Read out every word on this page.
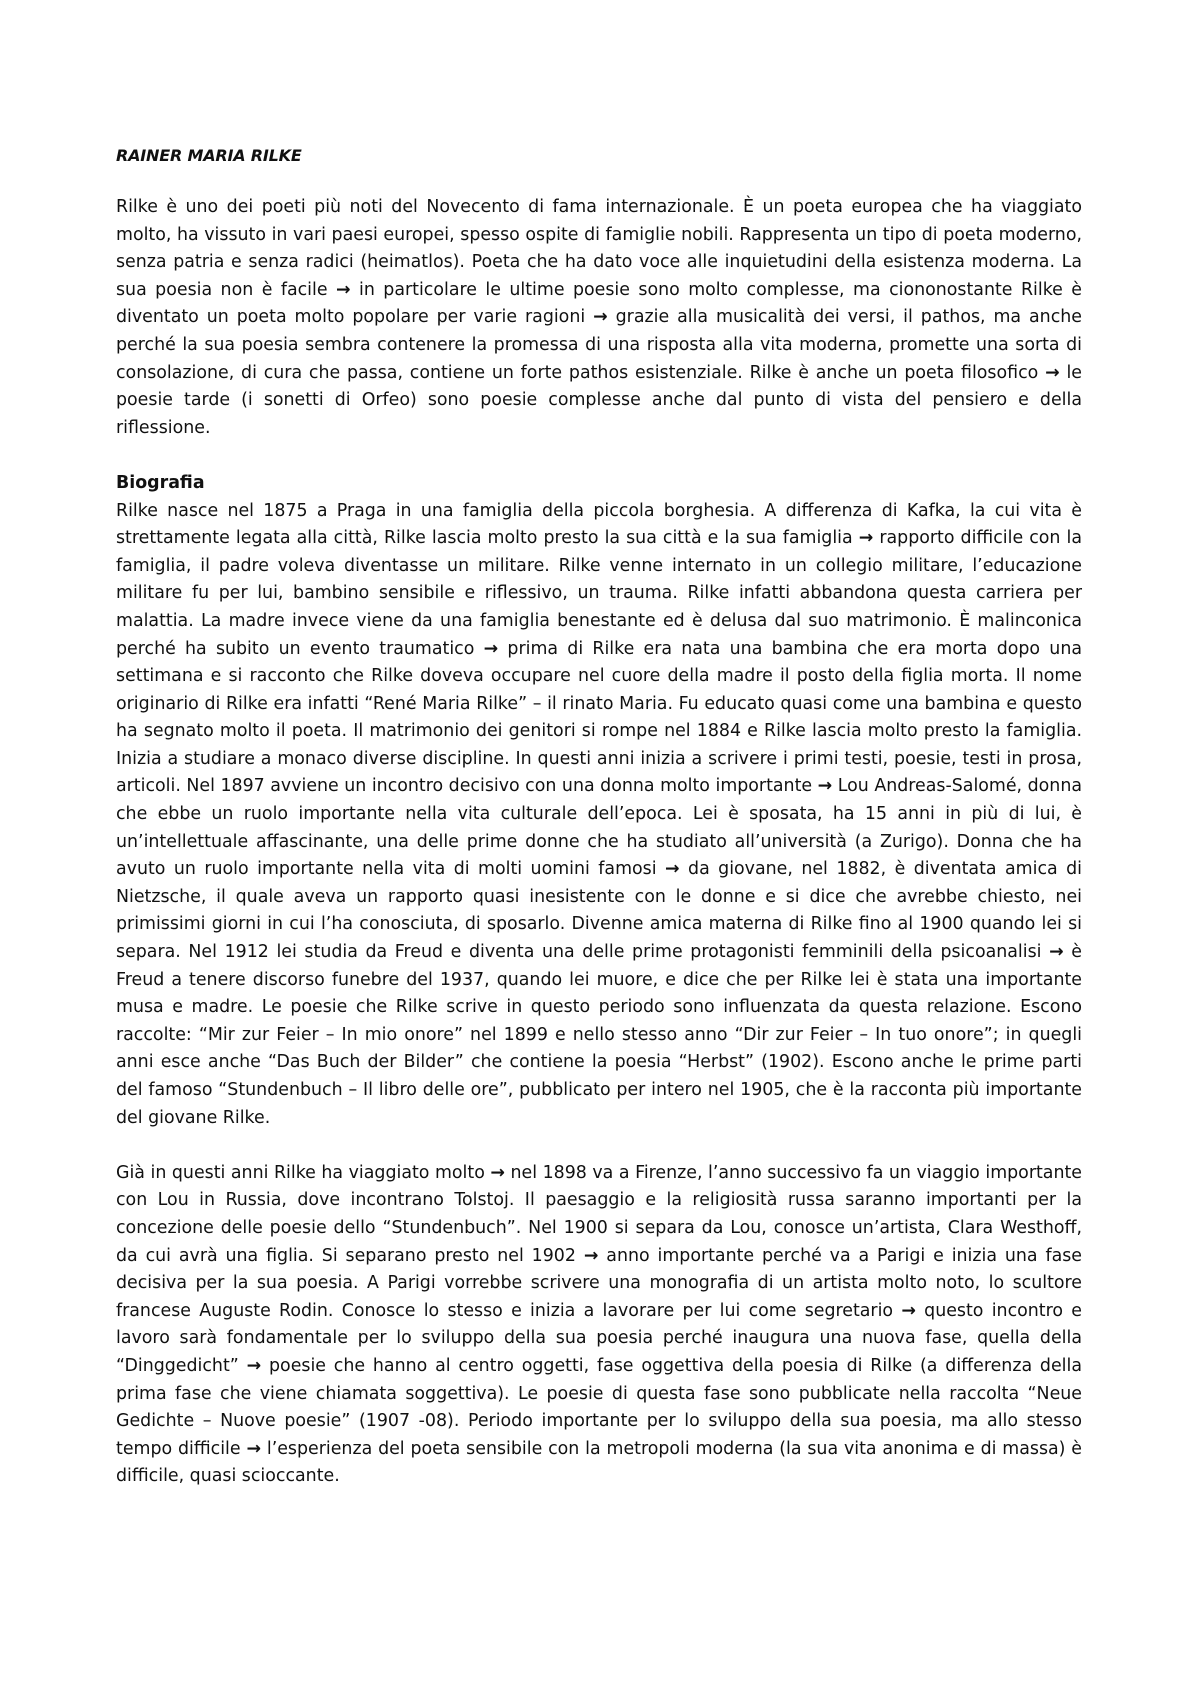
RAINER MARIA RILKE

Rilke è uno dei poeti più noti del Novecento di fama internazionale. È un poeta europea che ha viaggiato molto, ha vissuto in vari paesi europei, spesso ospite di famiglie nobili. Rappresenta un tipo di poeta moderno, senza patria e senza radici (heimatlos). Poeta che ha dato voce alle inquietudini della esistenza moderna. La sua poesia non è facile → in particolare le ultime poesie sono molto complesse, ma ciononostante Rilke è diventato un poeta molto popolare per varie ragioni → grazie alla musicalità dei versi, il pathos, ma anche perché la sua poesia sembra contenere la promessa di una risposta alla vita moderna, promette una sorta di consolazione, di cura che passa, contiene un forte pathos esistenziale. Rilke è anche un poeta filosofico → le poesie tarde (i sonetti di Orfeo) sono poesie complesse anche dal punto di vista del pensiero e della riflessione.

Biografia

Rilke nasce nel 1875 a Praga in una famiglia della piccola borghesia. A differenza di Kafka, la cui vita è strettamente legata alla città, Rilke lascia molto presto la sua città e la sua famiglia → rapporto difficile con la famiglia, il padre voleva diventasse un militare. Rilke venne internato in un collegio militare, l’educazione militare fu per lui, bambino sensibile e riflessivo, un trauma. Rilke infatti abbandona questa carriera per malattia. La madre invece viene da una famiglia benestante ed è delusa dal suo matrimonio. È malinconica perché ha subito un evento traumatico → prima di Rilke era nata una bambina che era morta dopo una settimana e si racconto che Rilke doveva occupare nel cuore della madre il posto della figlia morta. Il nome originario di Rilke era infatti “René Maria Rilke” – il rinato Maria. Fu educato quasi come una bambina e questo ha segnato molto il poeta. Il matrimonio dei genitori si rompe nel 1884 e Rilke lascia molto presto la famiglia. Inizia a studiare a monaco diverse discipline. In questi anni inizia a scrivere i primi testi, poesie, testi in prosa, articoli. Nel 1897 avviene un incontro decisivo con una donna molto importante → Lou Andreas-Salomé, donna che ebbe un ruolo importante nella vita culturale dell’epoca. Lei è sposata, ha 15 anni in più di lui, è un’intellettuale affascinante, una delle prime donne che ha studiato all’università (a Zurigo). Donna che ha avuto un ruolo importante nella vita di molti uomini famosi → da giovane, nel 1882, è diventata amica di Nietzsche, il quale aveva un rapporto quasi inesistente con le donne e si dice che avrebbe chiesto, nei primissimi giorni in cui l’ha conosciuta, di sposarlo. Divenne amica materna di Rilke fino al 1900 quando lei si separa. Nel 1912 lei studia da Freud e diventa una delle prime protagonisti femminili della psicoanalisi → è Freud a tenere discorso funebre del 1937, quando lei muore, e dice che per Rilke lei è stata una importante musa e madre. Le poesie che Rilke scrive in questo periodo sono influenzata da questa relazione. Escono raccolte: “Mir zur Feier – In mio onore” nel 1899 e nello stesso anno “Dir zur Feier – In tuo onore”; in quegli anni esce anche “Das Buch der Bilder” che contiene la poesia “Herbst” (1902). Escono anche le prime parti del famoso “Stundenbuch – Il libro delle ore”, pubblicato per intero nel 1905, che è la racconta più importante del giovane Rilke.

Già in questi anni Rilke ha viaggiato molto → nel 1898 va a Firenze, l’anno successivo fa un viaggio importante con Lou in Russia, dove incontrano Tolstoj. Il paesaggio e la religiosità russa saranno importanti per la concezione delle poesie dello “Stundenbuch”. Nel 1900 si separa da Lou, conosce un’artista, Clara Westhoff, da cui avrà una figlia. Si separano presto nel 1902 → anno importante perché va a Parigi e inizia una fase decisiva per la sua poesia. A Parigi vorrebbe scrivere una monografia di un artista molto noto, lo scultore francese Auguste Rodin. Conosce lo stesso e inizia a lavorare per lui come segretario → questo incontro e lavoro sarà fondamentale per lo sviluppo della sua poesia perché inaugura una nuova fase, quella della “Dinggedicht” → poesie che hanno al centro oggetti, fase oggettiva della poesia di Rilke (a differenza della prima fase che viene chiamata soggettiva). Le poesie di questa fase sono pubblicate nella raccolta “Neue Gedichte – Nuove poesie” (1907 -08). Periodo importante per lo sviluppo della sua poesia, ma allo stesso tempo difficile → l’esperienza del poeta sensibile con la metropoli moderna (la sua vita anonima e di massa) è difficile, quasi scioccante.
